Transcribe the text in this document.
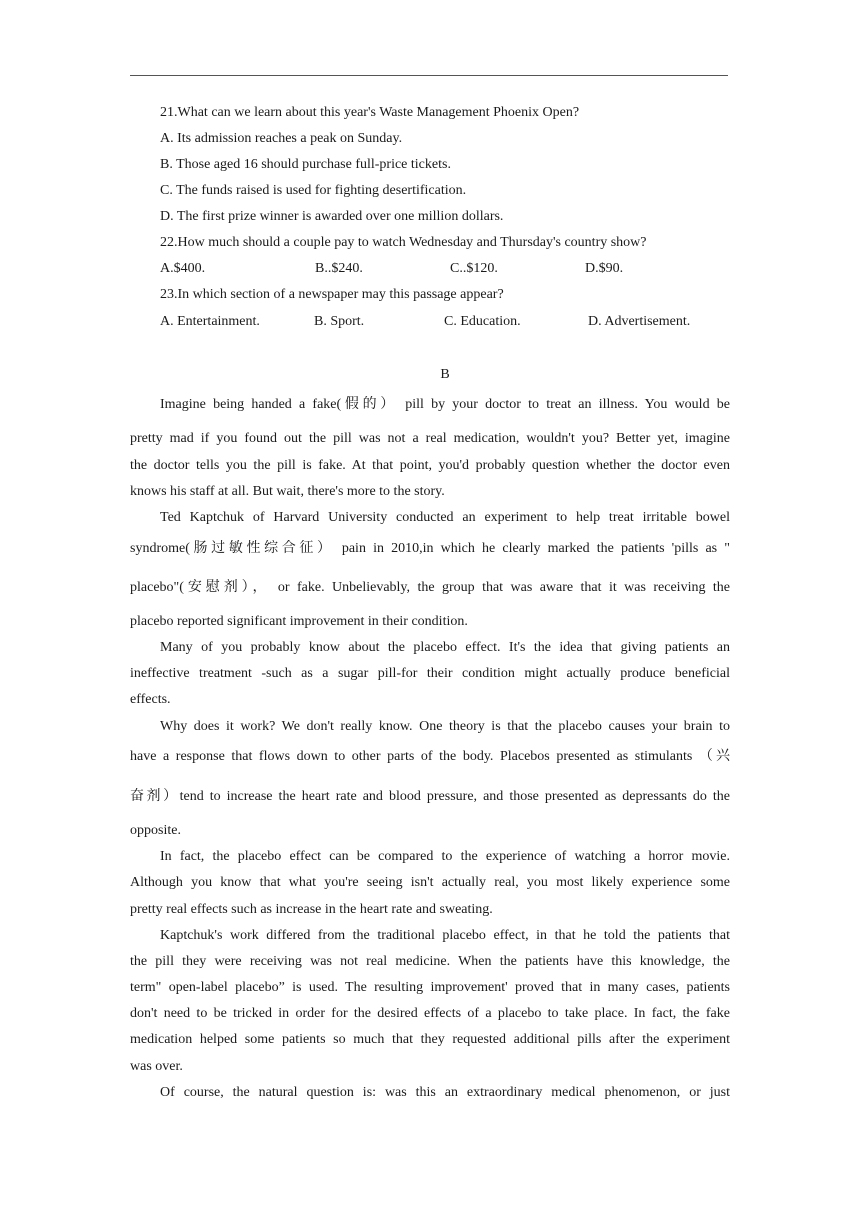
21.What can we learn about this year's Waste Management Phoenix Open?
A. Its admission reaches a peak on Sunday.
B. Those aged 16 should purchase full-price tickets.
C. The funds raised is used for fighting desertification.
D. The first prize winner is awarded over one million dollars.
22.How much should a couple pay to watch Wednesday and Thursday's country show?
A.$400.	B..$240.	C..$120.	D.$90.
23.In which section of a newspaper may this passage appear?
A. Entertainment.	B. Sport.	C. Education.	D. Advertisement.
B
Imagine being handed a fake(假的） pill by your doctor to treat an illness. You would be
pretty mad if you found out the pill was not a real medication, wouldn't you? Better yet, imagine
the doctor tells you the pill is fake. At that point, you'd probably question whether the doctor even
knows his staff at all. But wait, there's more to the story.
Ted Kaptchuk of Harvard University conducted an experiment to help treat irritable bowel
syndrome(肠过敏性综合征） pain in 2010,in which he clearly marked the patients 'pills as "
placebo"(安慰剂）， or fake. Unbelievably, the group that was aware that it was receiving the
placebo reported significant improvement in their condition.
Many of you probably know about the placebo effect. It's the idea that giving patients an
ineffective treatment -such as a sugar pill-for their condition might actually produce beneficial
effects.
Why does it work? We don't really know. One theory is that the placebo causes your brain to
have a response that flows down to other parts of the body. Placebos presented as stimulants （兴
奋剂）tend to increase the heart rate and blood pressure, and those presented as depressants do the
opposite.
In fact, the placebo effect can be compared to the experience of watching a horror movie.
Although you know that what you're seeing isn't actually real, you most likely experience some
pretty real effects such as increase in the heart rate and sweating.
Kaptchuk's work differed from the traditional placebo effect, in that he told the patients that
the pill they were receiving was not real medicine. When the patients have this knowledge, the
term" open-label placebo” is used. The resulting improvement' proved that in many cases, patients
don't need to be tricked in order for the desired effects of a placebo to take place. In fact, the fake
medication helped some patients so much that they requested additional pills after the experiment
was over.
Of course, the natural question is: was this an extraordinary medical phenomenon, or just
